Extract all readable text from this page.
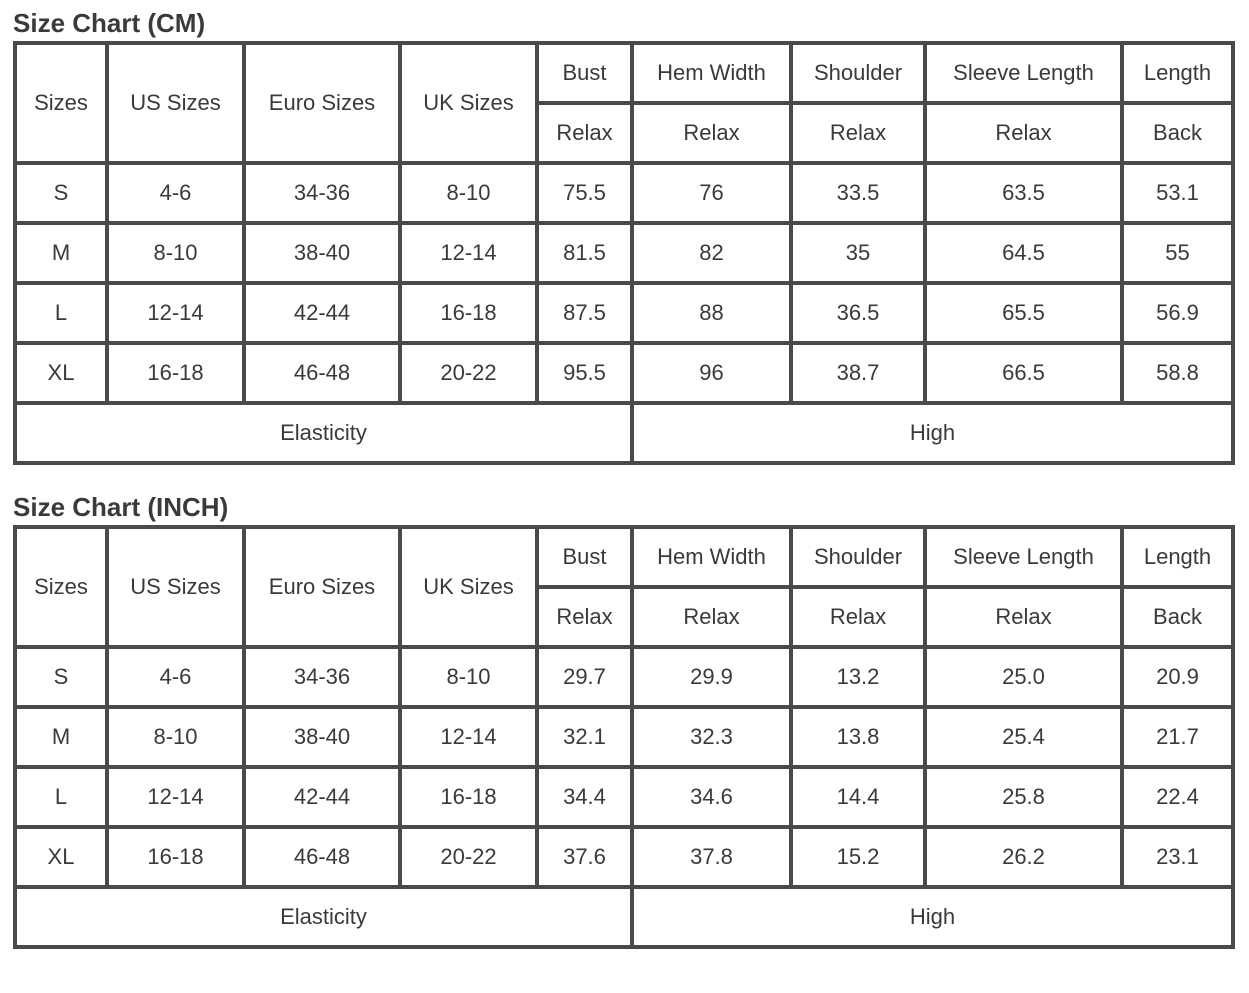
Size Chart (CM)
Sizes	US Sizes	Euro Sizes	UK Sizes	Bust	Hem Width	Shoulder	Sleeve Length	Length
				Relax	Relax	Relax	Relax	Back
S	4-6	34-36	8-10	75.5	76	33.5	63.5	53.1
M	8-10	38-40	12-14	81.5	82	35	64.5	55
L	12-14	42-44	16-18	87.5	88	36.5	65.5	56.9
XL	16-18	46-48	20-22	95.5	96	38.7	66.5	58.8
Elasticity					High			
Size Chart (INCH)
Sizes	US Sizes	Euro Sizes	UK Sizes	Bust	Hem Width	Shoulder	Sleeve Length	Length
				Relax	Relax	Relax	Relax	Back
S	4-6	34-36	8-10	29.7	29.9	13.2	25.0	20.9
M	8-10	38-40	12-14	32.1	32.3	13.8	25.4	21.7
L	12-14	42-44	16-18	34.4	34.6	14.4	25.8	22.4
XL	16-18	46-48	20-22	37.6	37.8	15.2	26.2	23.1
Elasticity					High			
